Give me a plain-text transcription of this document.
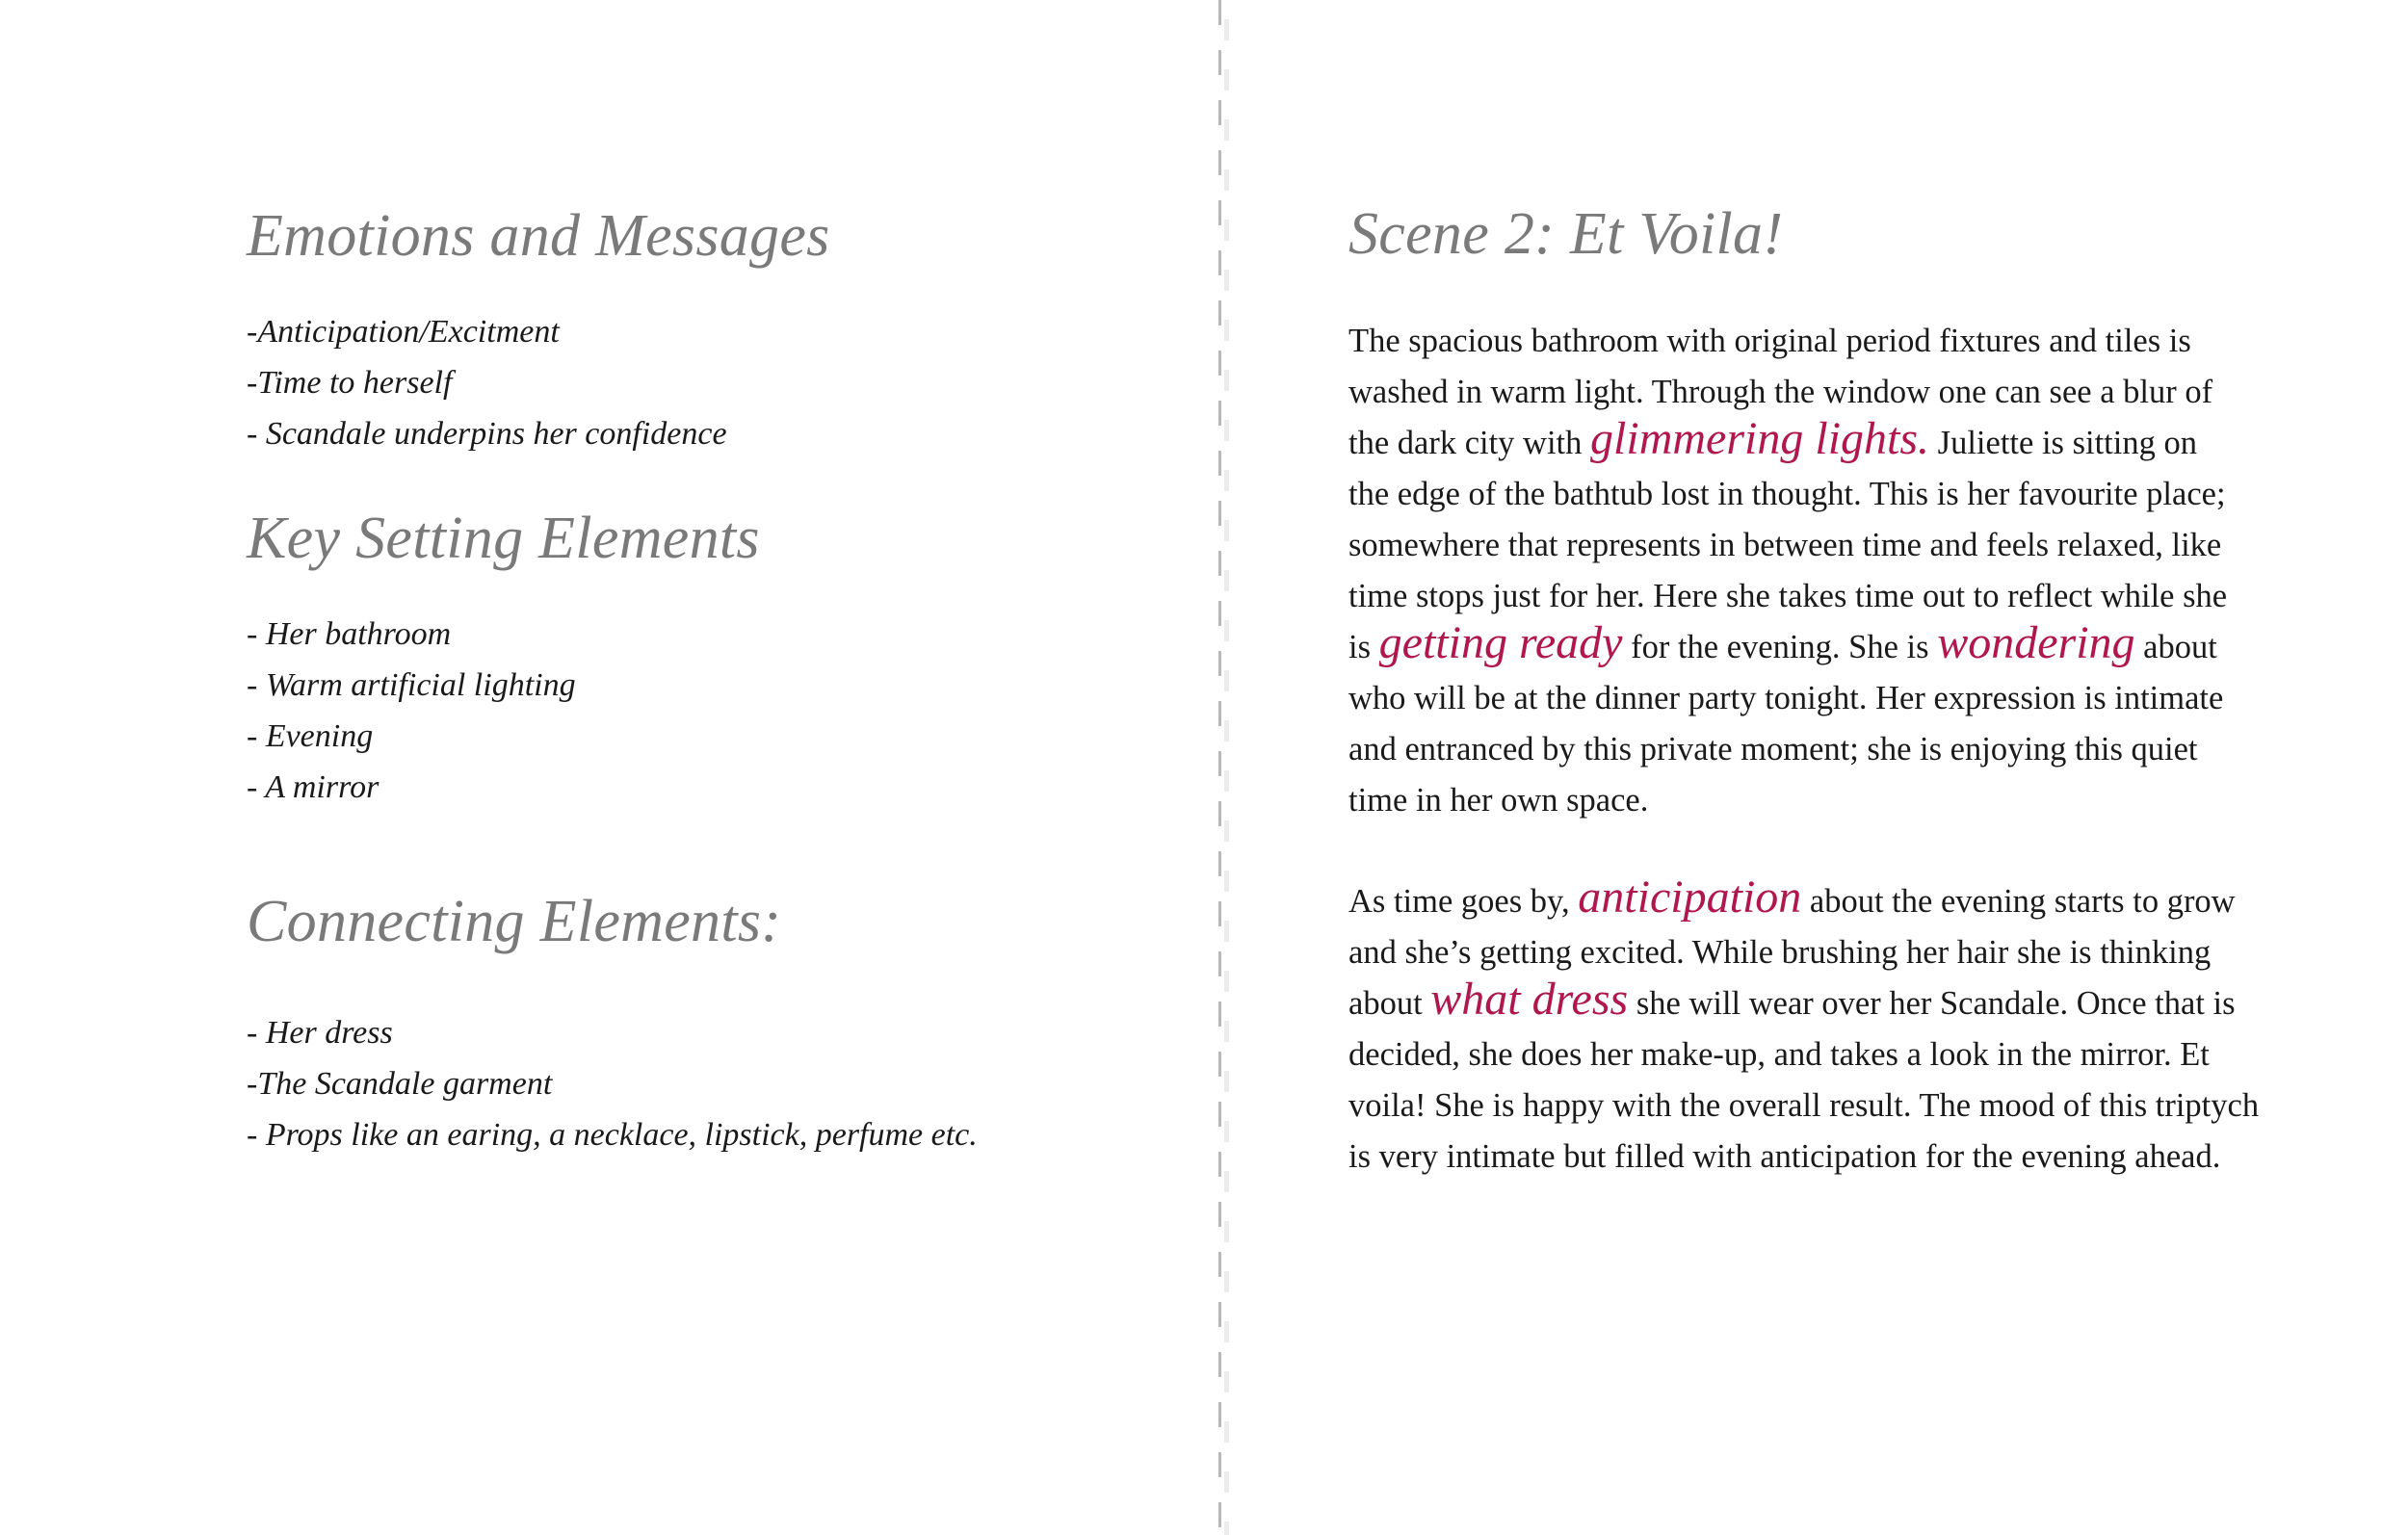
Emotions and Messages
-Anticipation/Excitment
-Time to herself
- Scandale underpins her confidence
Key Setting Elements
- Her bathroom
- Warm artificial lighting
- Evening
- A mirror
Connecting Elements:
- Her dress
-The Scandale garment
- Props like an earing, a necklace, lipstick, perfume etc.
Scene 2: Et Voila!

The spacious bathroom with original period fixtures and tiles is
washed in warm light. Through the window one can see a blur of
the dark city with glimmering lights. Juliette is sitting on
the edge of the bathtub lost in thought. This is her favourite place;
somewhere that represents in between time and feels relaxed, like
time stops just for her. Here she takes time out to reflect while she
is getting ready for the evening. She is wondering about
who will be at the dinner party tonight. Her expression is intimate
and entranced by this private moment; she is enjoying this quiet
time in her own space.

As time goes by, anticipation about the evening starts to grow
and she’s getting excited. While brushing her hair she is thinking
about what dress she will wear over her Scandale. Once that is
decided, she does her make-up, and takes a look in the mirror. Et
voila! She is happy with the overall result. The mood of this triptych
is very intimate but filled with anticipation for the evening ahead.
